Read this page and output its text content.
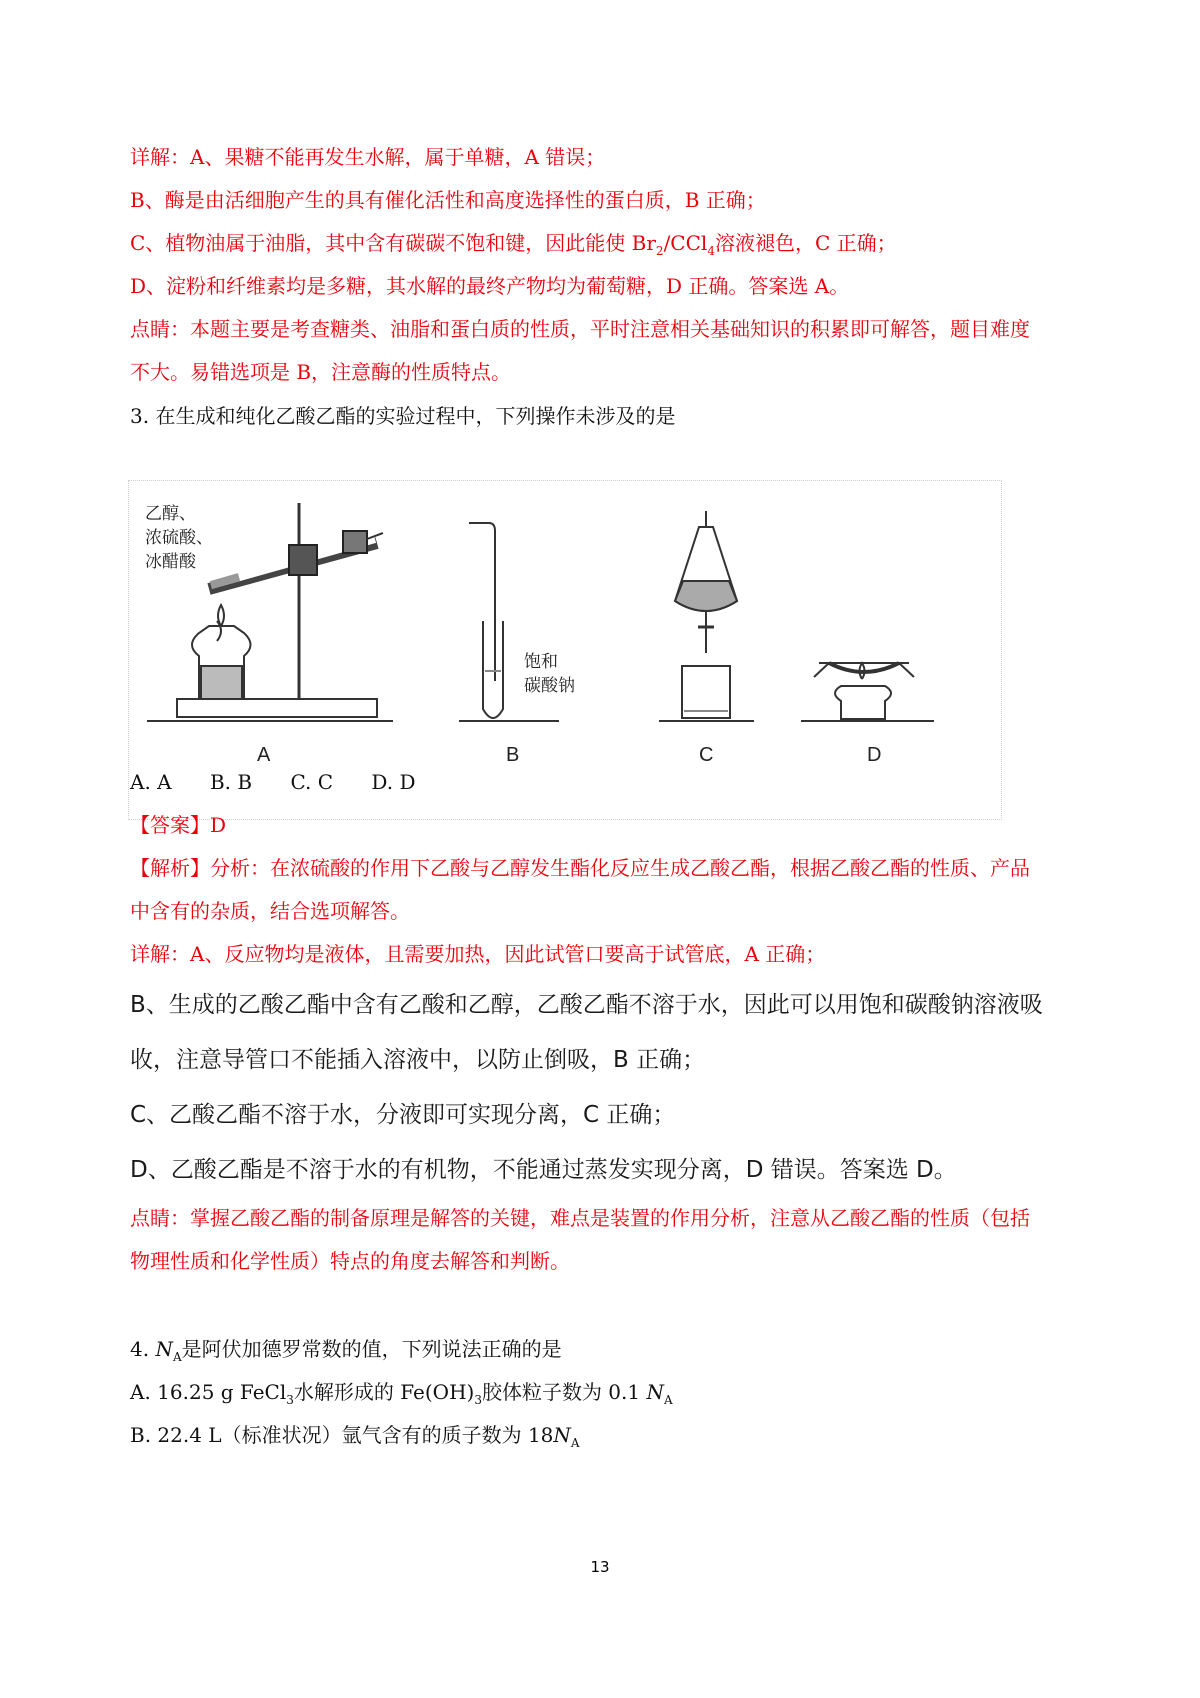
详解：A、果糖不能再发生水解，属于单糖，A 错误；
B、酶是由活细胞产生的具有催化活性和高度选择性的蛋白质，B 正确；
C、植物油属于油脂，其中含有碳碳不饱和键，因此能使 $Br_2/CCl_4$溶液褪色，C 正确；
D、淀粉和纤维素均是多糖，其水解的最终产物均为葡萄糖，D 正确。答案选 A。
点睛：本题主要是考查糖类、油脂和蛋白质的性质，平时注意相关基础知识的积累即可解答，题目难度
不大。易错选项是 B，注意酶的性质特点。
3. 在生成和纯化乙酸乙酯的实验过程中，下列操作未涉及的是
乙醇、
浓硫酸、
冰醋酸
饱和
碳酸钠
A	B	C	D
A. A B. B C. C D. D
【答案】D
【解析】分析：在浓硫酸的作用下乙酸与乙醇发生酯化反应生成乙酸乙酯，根据乙酸乙酯的性质、产品
中含有的杂质，结合选项解答。
详解：A、反应物均是液体，且需要加热，因此试管口要高于试管底，A 正确；
B、生成的乙酸乙酯中含有乙酸和乙醇，乙酸乙酯不溶于水，因此可以用饱和碳酸钠溶液吸
收，注意导管口不能插入溶液中，以防止倒吸，B 正确；
C、乙酸乙酯不溶于水，分液即可实现分离，C 正确；
D、乙酸乙酯是不溶于水的有机物，不能通过蒸发实现分离，D 错误。答案选 D。
点睛：掌握乙酸乙酯的制备原理是解答的关键，难点是装置的作用分析，注意从乙酸乙酯的性质（包括
物理性质和化学性质）特点的角度去解答和判断。
4. $N_A$是阿伏加德罗常数的值，下列说法正确的是
A. 16.25 g FeCl$_3$水解形成的 $Fe(OH)_3$胶体粒子数为 0.1 $N_A$
B. 22.4 L（标准状况）氩气含有的质子数为 $18N_A$
13
